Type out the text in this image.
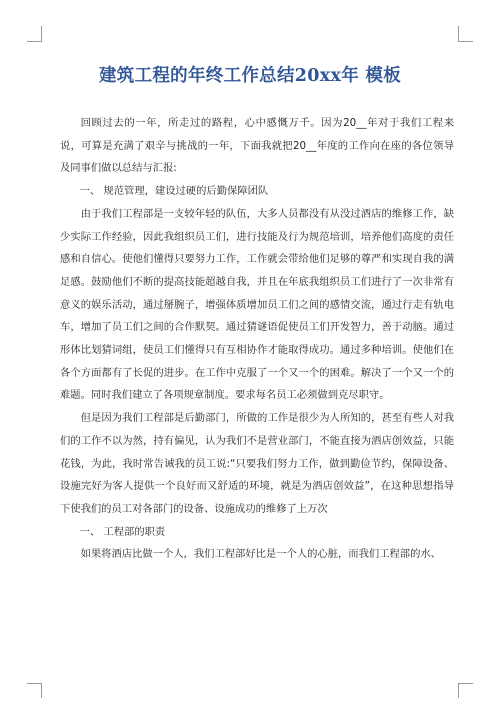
建筑工程的年终工作总结20xx年 模板

回顾过去的一年，所走过的路程，心中感慨万千。因为20__年对于我们工程来说，可算是充满了艰辛与挑战的一年，下面我就把20__年度的工作向在座的各位领导及同事们做以总结与汇报:

一、 规范管理，建设过硬的后勤保障团队

由于我们工程部是一支较年轻的队伍，大多人员都没有从没过酒店的维修工作，缺少实际工作经验，因此我组织员工们，进行技能及行为规范培训，培养他们高度的责任感和自信心。使他们懂得只要努力工作，工作就会带给他们足够的尊严和实现自我的满足感。鼓励他们不断的提高技能超越自我，并且在年底我组织员工们进行了一次非常有意义的娱乐活动，通过掰腕子，增强体质增加员工们之间的感情交流，通过行走有轨电车，增加了员工们之间的合作默契。通过猜谜语促使员工们开发智力，善于动脑。通过形体比划猜词组，使员工们懂得只有互相协作才能取得成功。通过多种培训。使他们在各个方面都有了长促的进步。在工作中克服了一个又一个的困难。解决了一个又一个的难题。同时我们建立了各项规章制度。要求每名员工必须做到克尽职守。

但是因为我们工程部是后勤部门，所做的工作是很少为人所知的，甚至有些人对我们的工作不以为然，持有偏见，认为我们不是营业部门，不能直接为酒店创效益，只能花钱，为此，我时常告诫我的员工说:“只要我们努力工作，做到勤俭节约，保障设备、设施完好为客人提供一个良好而又舒适的环境，就是为酒店创效益”，在这种思想指导下使我们的员工对各部门的设备、设施成功的维修了上万次

一、 工程部的职责

如果将酒店比做一个人，我们工程部好比是一个人的心脏，而我们工程部的水、
